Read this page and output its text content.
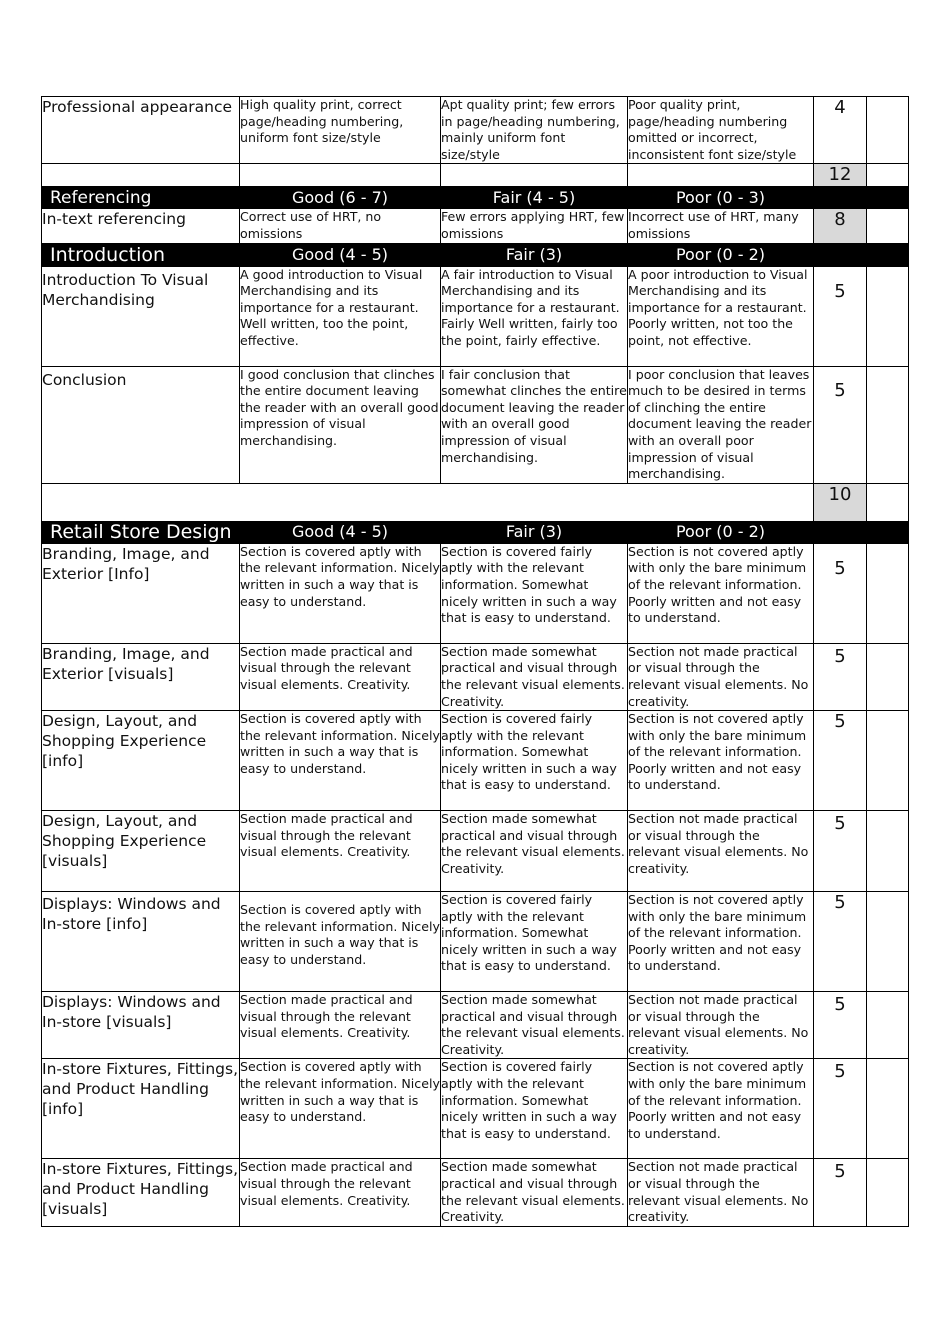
Professional appearance	High quality print, correct page/heading numbering, uniform font size/style	Apt quality print; few errors in page/heading numbering, mainly uniform font size/style	Poor quality print, page/heading numbering omitted or incorrect, inconsistent font size/style	4	
				12	
Referencing	Good (6 - 7)	Fair (4 - 5)	Poor (0 - 3)		
In-text referencing	Correct use of HRT, no omissions	Few errors applying HRT, few omissions	Incorrect use of HRT, many omissions	8	
Introduction	Good (4 - 5)	Fair (3)	Poor (0 - 2)		
Introduction To Visual Merchandising	A good introduction to Visual Merchandising and its importance for a restaurant. Well written, too the point, effective.	A fair introduction to Visual Merchandising and its importance for a restaurant. Fairly Well written, fairly too the point, fairly effective.	A poor introduction to Visual Merchandising and its importance for a restaurant. Poorly written, not too the point, not effective.	5	
Conclusion	I good conclusion that clinches the entire document leaving the reader with an overall good impression of visual merchandising.	I fair conclusion that somewhat clinches the entire document leaving the reader with an overall good impression of visual merchandising.	I poor conclusion that leaves much to be desired in terms of clinching the entire document leaving the reader with an overall poor impression of visual merchandising.	5	
				10	
Retail Store Design	Good (4 - 5)	Fair (3)	Poor (0 - 2)		
Branding, Image, and Exterior [Info]	Section is covered aptly with the relevant information. Nicely written in such a way that is easy to understand.	Section is covered fairly aptly with the relevant information. Somewhat nicely written in such a way that is easy to understand.	Section is not covered aptly with only the bare minimum of the relevant information. Poorly written and not easy to understand.	5	
Branding, Image, and Exterior [visuals]	Section made practical and visual through the relevant visual elements. Creativity.	Section made somewhat practical and visual through the relevant visual elements. Creativity.	Section not made practical or visual through the relevant visual elements. No creativity.	5	
Design, Layout, and Shopping Experience [info]	Section is covered aptly with the relevant information. Nicely written in such a way that is easy to understand.	Section is covered fairly aptly with the relevant information. Somewhat nicely written in such a way that is easy to understand.	Section is not covered aptly with only the bare minimum of the relevant information. Poorly written and not easy to understand.	5	
Design, Layout, and Shopping Experience [visuals]	Section made practical and visual through the relevant visual elements. Creativity.	Section made somewhat practical and visual through the relevant visual elements. Creativity.	Section not made practical or visual through the relevant visual elements. No creativity.	5	
Displays: Windows and In-store [info]	Section is covered aptly with the relevant information. Nicely written in such a way that is easy to understand.	Section is covered fairly aptly with the relevant information. Somewhat nicely written in such a way that is easy to understand.	Section is not covered aptly with only the bare minimum of the relevant information. Poorly written and not easy to understand.	5	
Displays: Windows and In-store [visuals]	Section made practical and visual through the relevant visual elements. Creativity.	Section made somewhat practical and visual through the relevant visual elements. Creativity.	Section not made practical or visual through the relevant visual elements. No creativity.	5	
In-store Fixtures, Fittings, and Product Handling [info]	Section is covered aptly with the relevant information. Nicely written in such a way that is easy to understand.	Section is covered fairly aptly with the relevant information. Somewhat nicely written in such a way that is easy to understand.	Section is not covered aptly with only the bare minimum of the relevant information. Poorly written and not easy to understand.	5	
In-store Fixtures, Fittings, and Product Handling [visuals]	Section made practical and visual through the relevant visual elements. Creativity.	Section made somewhat practical and visual through the relevant visual elements. Creativity.	Section not made practical or visual through the relevant visual elements. No creativity.	5	
